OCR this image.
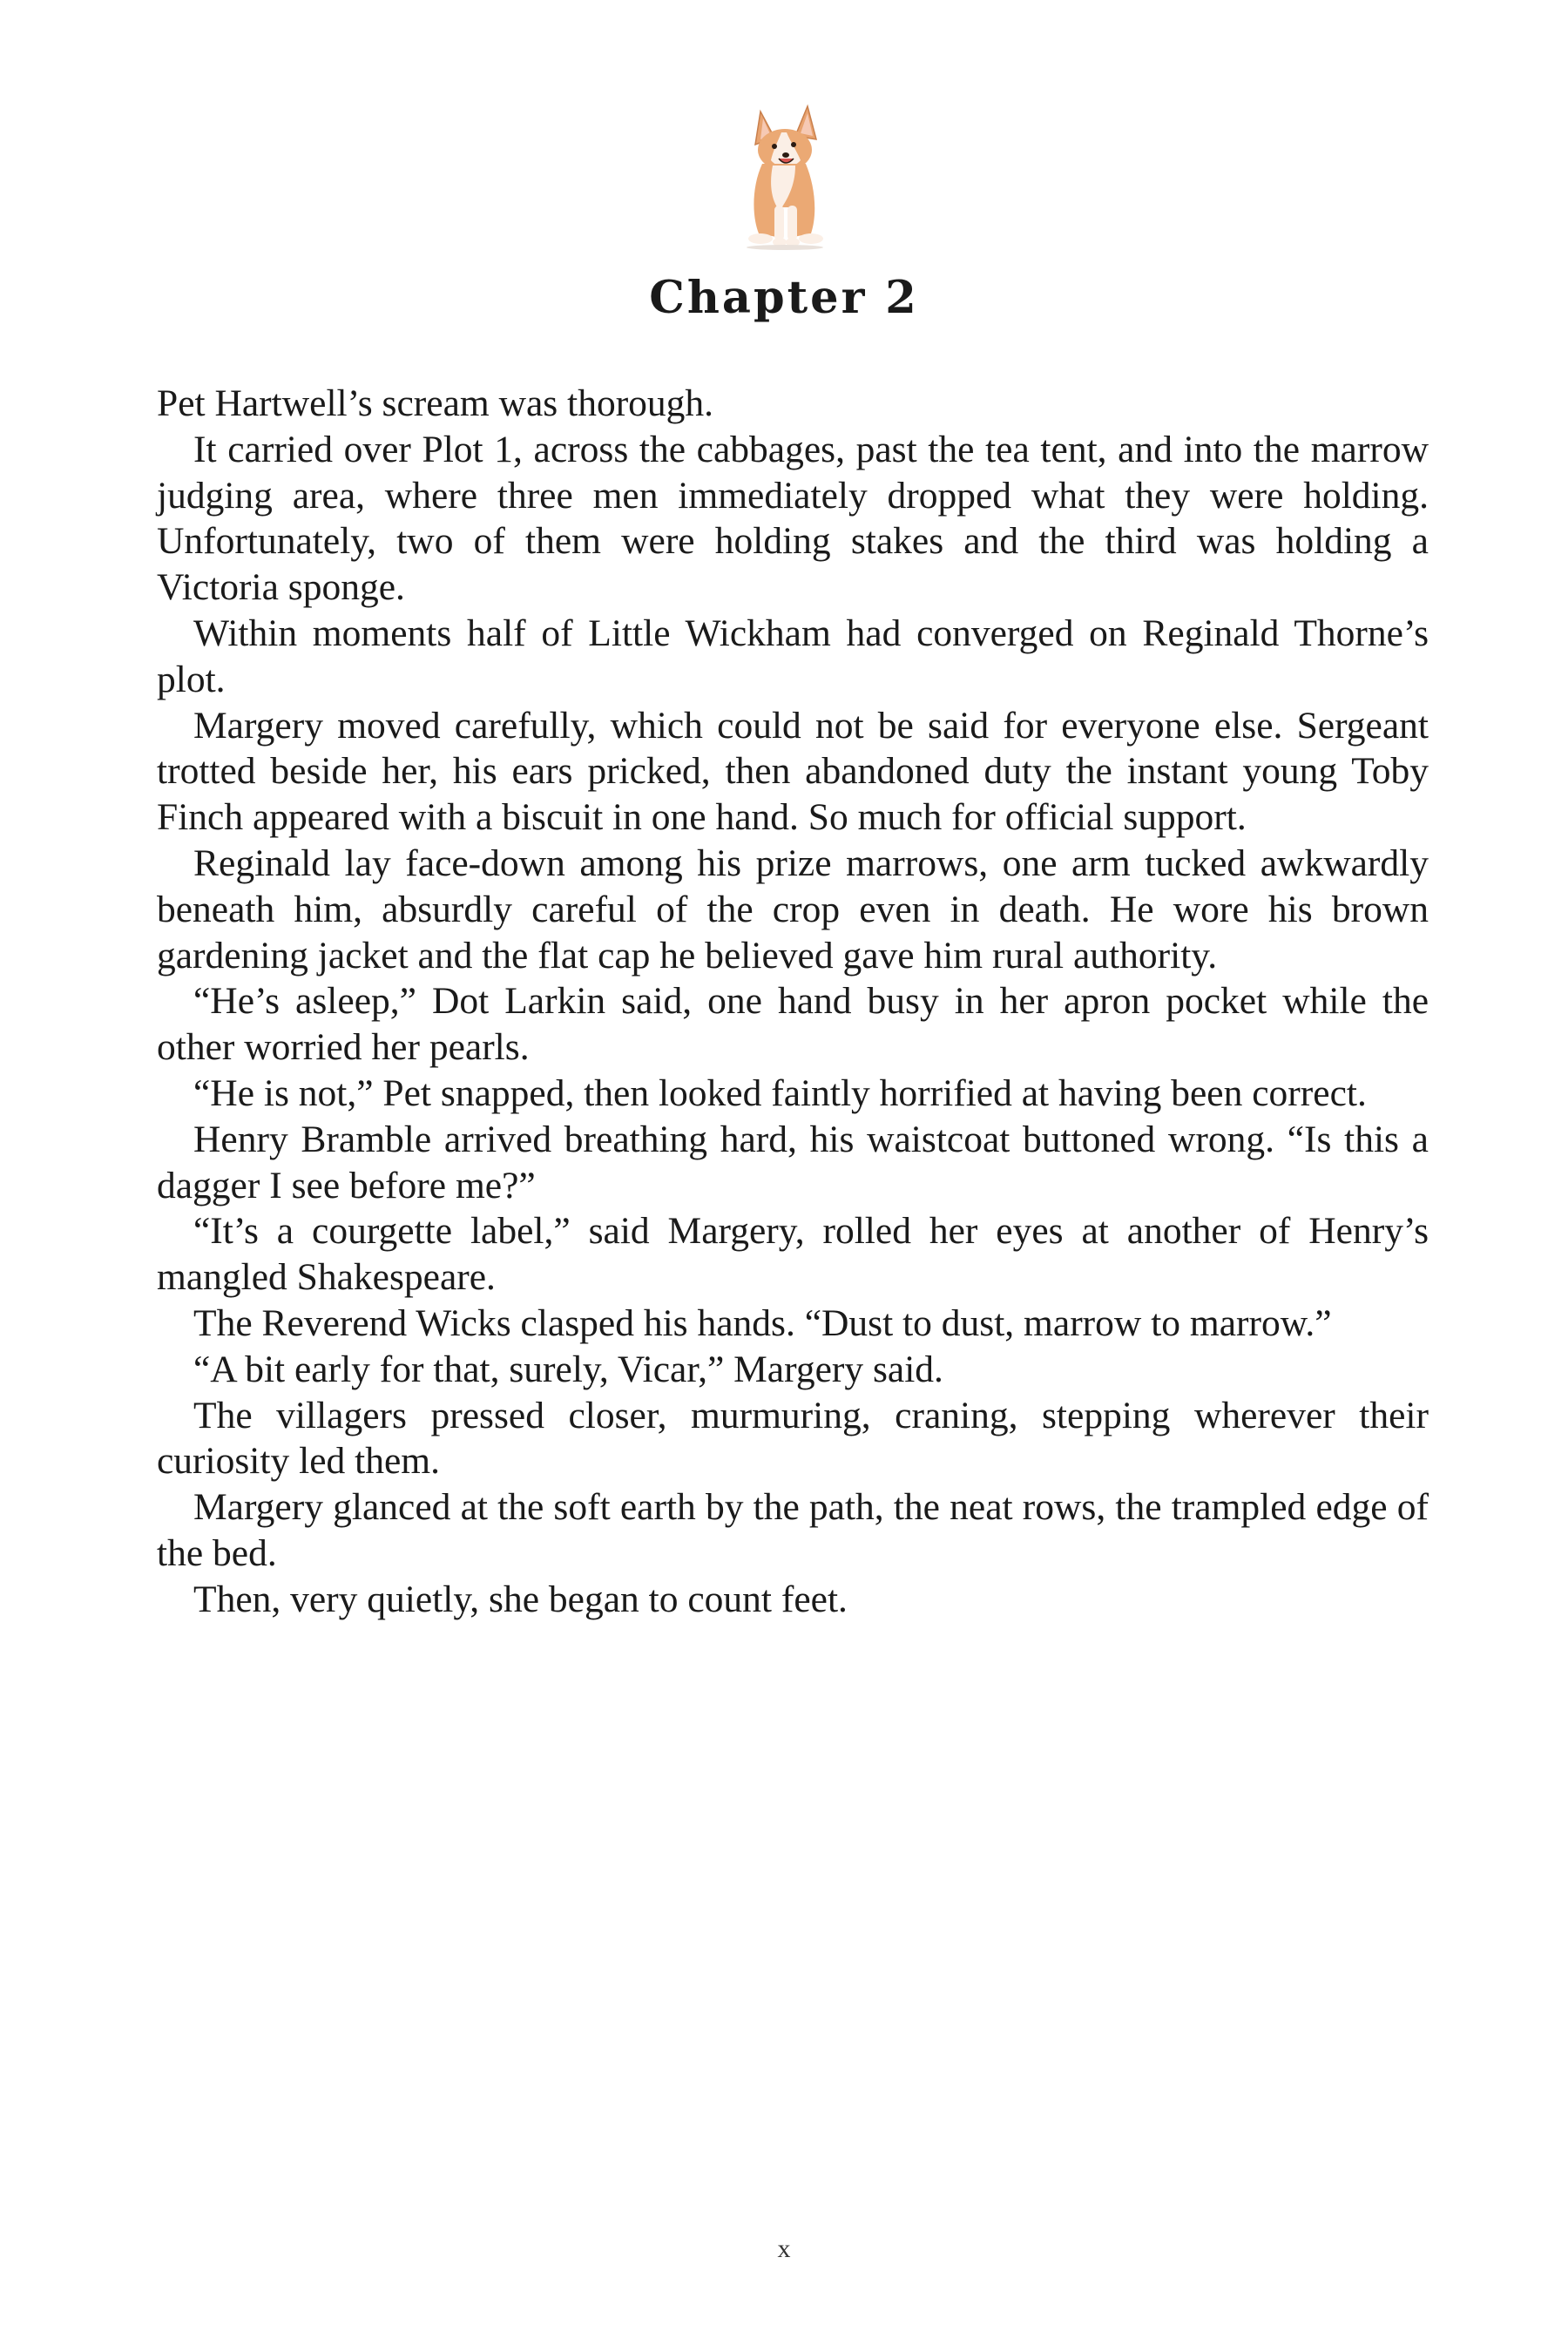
Chapter 2

Pet Hartwell’s scream was thorough.

It carried over Plot 1, across the cabbages, past the tea tent, and into the marrow judging area, where three men immediately dropped what they were holding. Unfortunately, two of them were holding stakes and the third was holding a Victoria sponge.

Within moments half of Little Wickham had converged on Reginald Thorne’s plot.

Margery moved carefully, which could not be said for everyone else. Sergeant trotted beside her, his ears pricked, then abandoned duty the instant young Toby Finch appeared with a biscuit in one hand. So much for official support.

Reginald lay face-down among his prize marrows, one arm tucked awkwardly beneath him, absurdly careful of the crop even in death. He wore his brown gardening jacket and the flat cap he believed gave him rural authority.

“He’s asleep,” Dot Larkin said, one hand busy in her apron pocket while the other worried her pearls.

“He is not,” Pet snapped, then looked faintly horrified at having been correct.

Henry Bramble arrived breathing hard, his waistcoat buttoned wrong. “Is this a dagger I see before me?”

“It’s a courgette label,” said Margery, rolled her eyes at another of Henry’s mangled Shakespeare.

The Reverend Wicks clasped his hands. “Dust to dust, marrow to marrow.”

“A bit early for that, surely, Vicar,” Margery said.

The villagers pressed closer, murmuring, craning, stepping wherever their curiosity led them.

Margery glanced at the soft earth by the path, the neat rows, the trampled edge of the bed.

Then, very quietly, she began to count feet.

x
